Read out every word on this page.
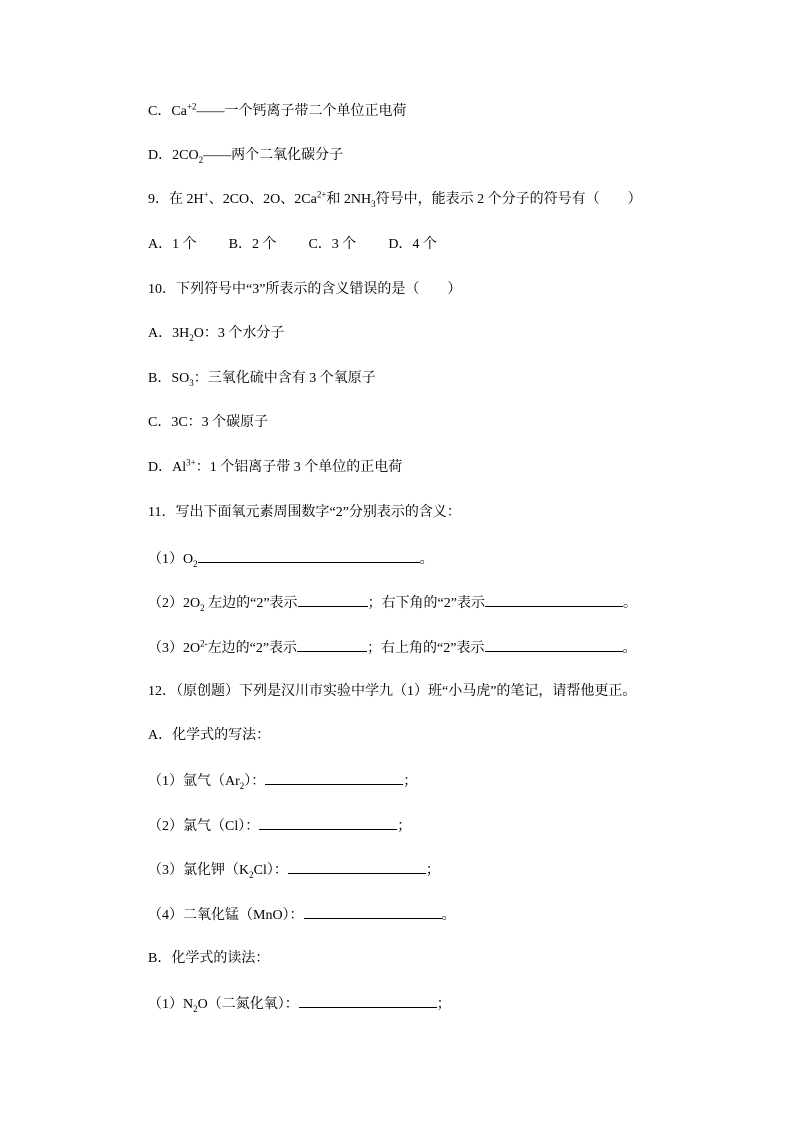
C．$Ca^{+2}——$一个钙离子带二个单位正电荷
D．$2CO_2——$两个二氧化碳分子
9．在 2H+、2CO、2O、$2Ca^{2+}$和 $2NH_3$符号中，能表示 2 个分子的符号有（　　）
A．1 个 B．2 个 C．3 个 D．4 个
10．下列符号中“3”所表示的含义错误的是（　　）
A．$3H_2O$：3 个水分子
B．$SO_3$：三氧化硫中含有 3 个氧原子
C．3C：3 个碳原子
D．$Al^{3+}$：1 个铝离子带 3 个单位的正电荷
11．写出下面氧元素周围数字“2”分别表示的含义：
$(1)O_2$	。
$(2)2O_2$ 左边的“2”表示	；右下角的“2”表示	。
$(3)2O^{2-}$左边的“2”表示	；右上角的“2”表示	。
12．（原创题）下列是汉川市实验中学九（1）班“小马虎”的笔记，请帮他更正。
A．化学式的写法：
（1）氩气$(Ar_2)$：	；
（2）氯气（Cl）：	；
（3）氯化钾$(K_2Cl)$：	；
（4）二氧化锰（MnO）：	。
B．化学式的读法：
$(1)N_2O$（二氮化氧）：	；
